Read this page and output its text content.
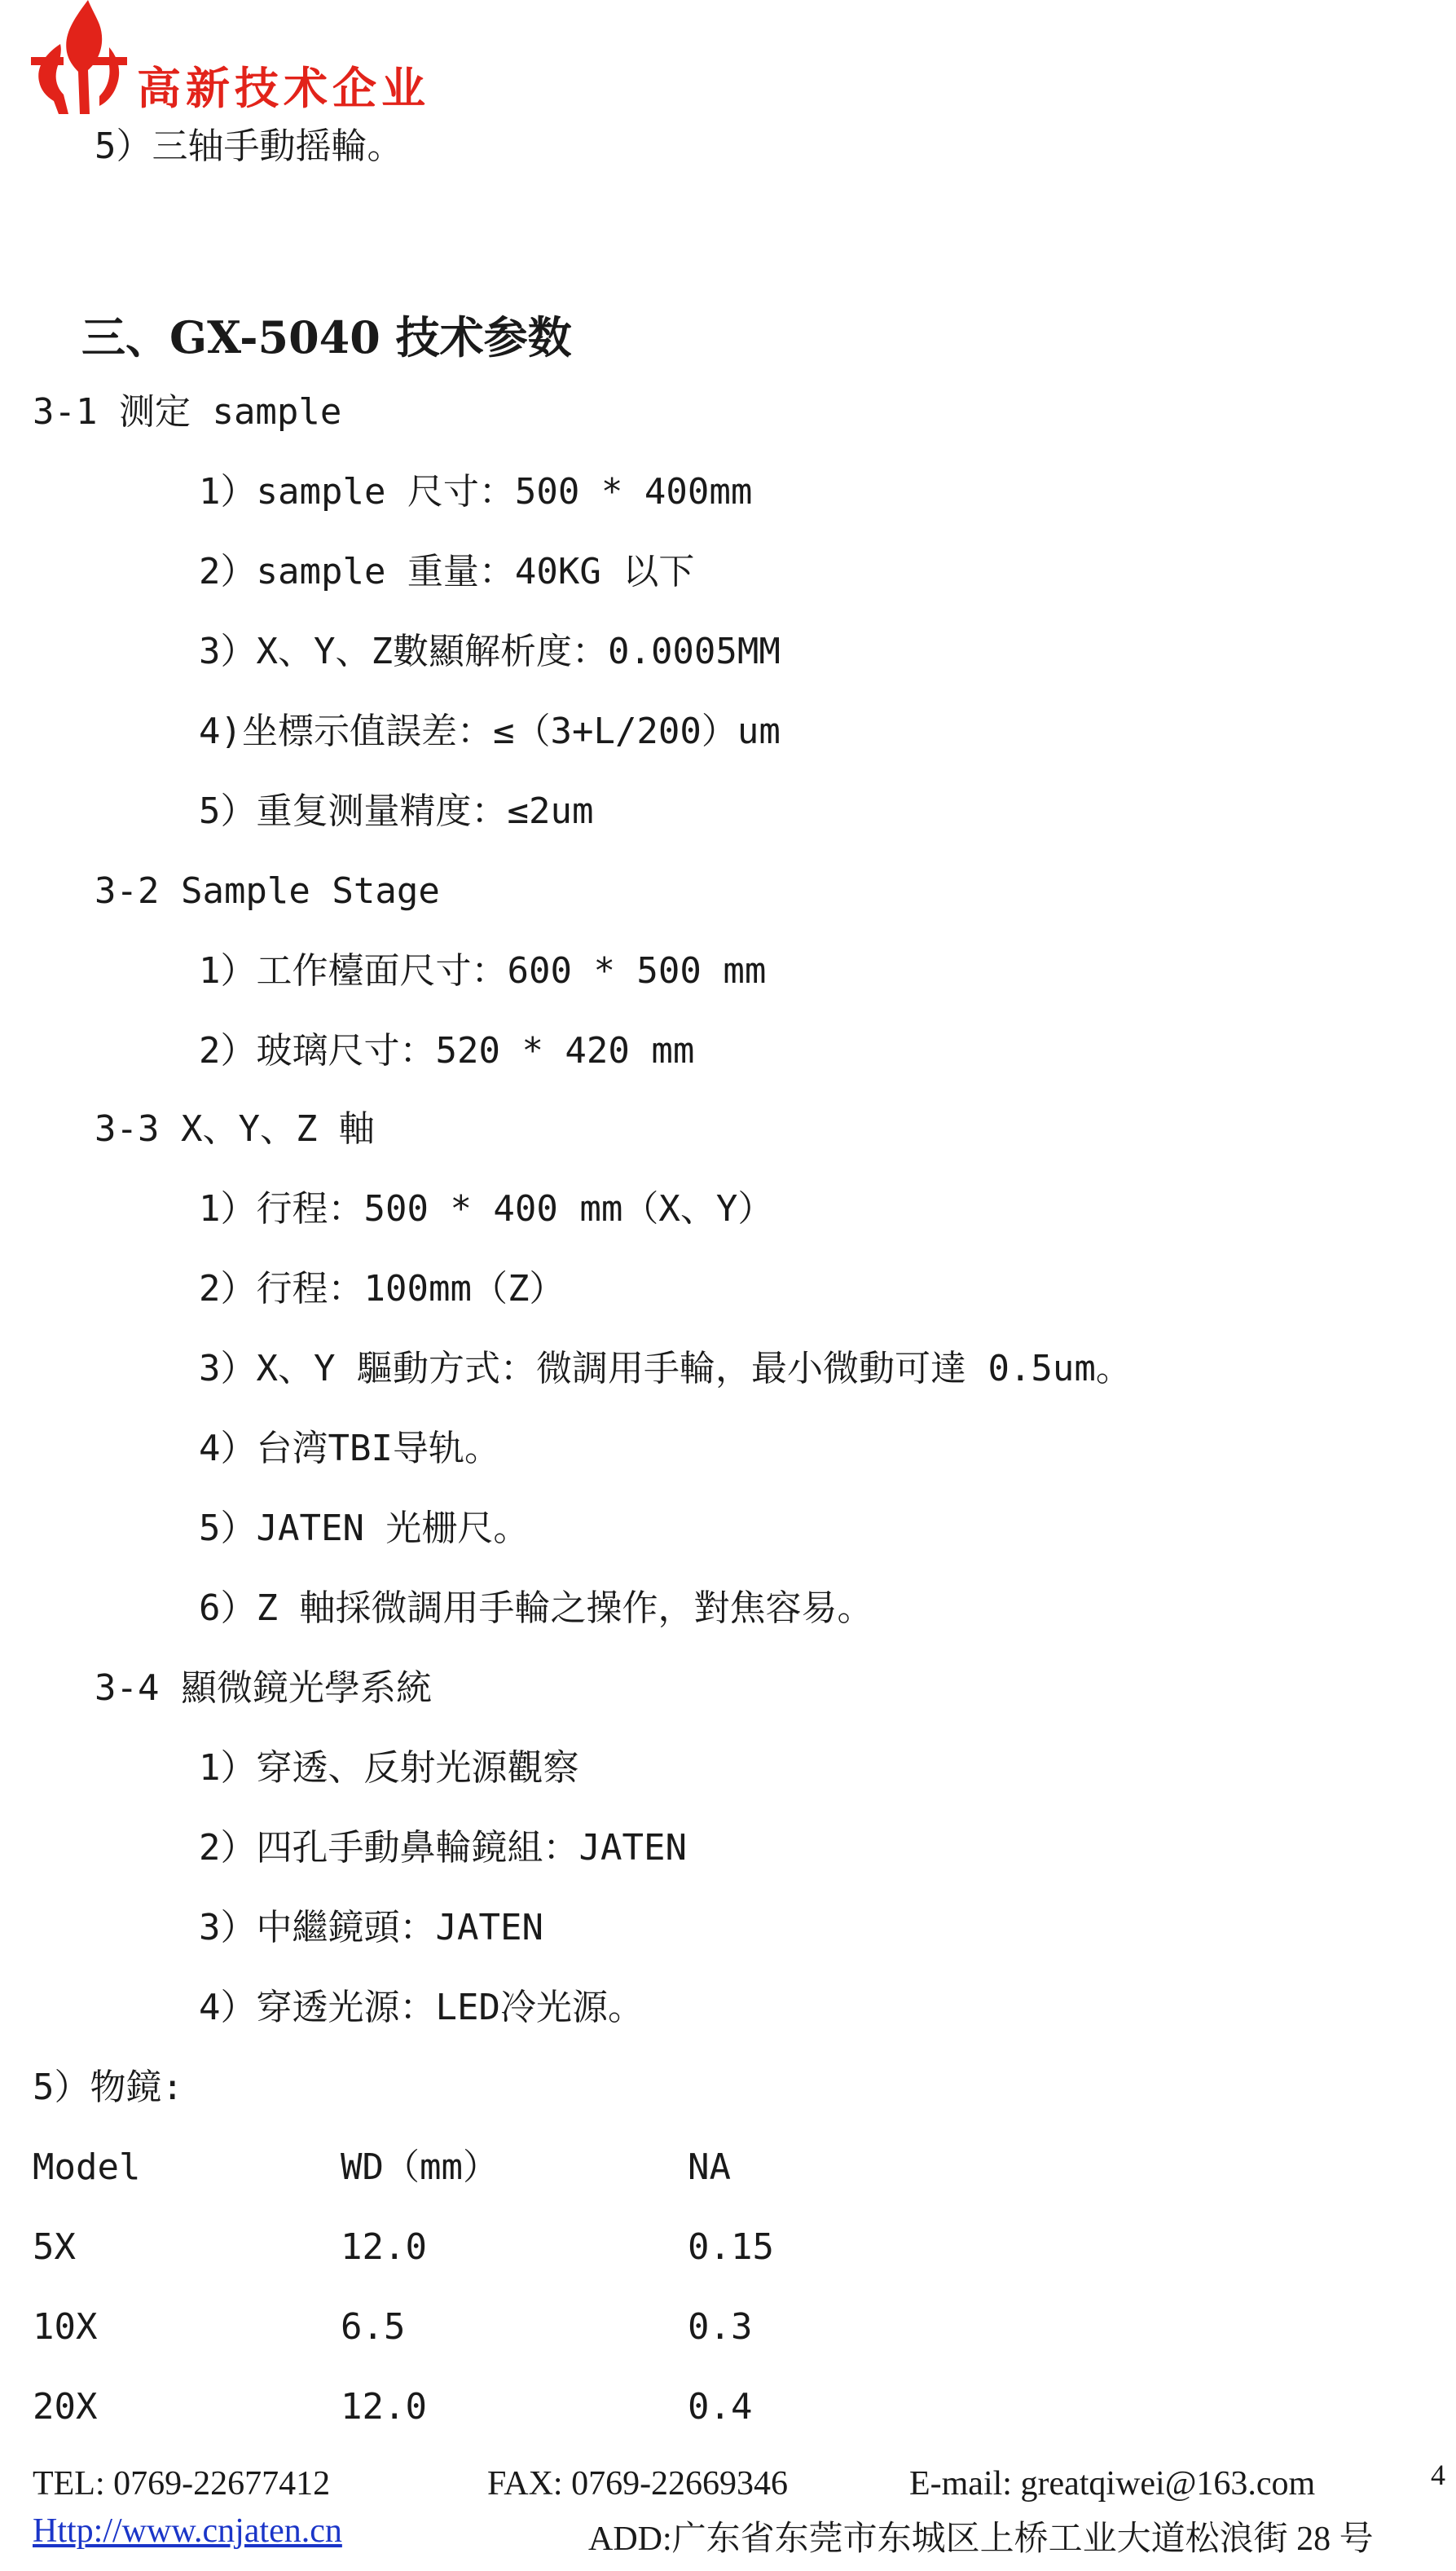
高新技术企业
5）三轴手動摇輪。
三、GX-5040 技术参数
3-1 测定 sample
1）sample 尺寸：500 * 400mm
2）sample 重量：40KG 以下
3）X、Y、Z數顯解析度：0.0005MM
4)坐標示值誤差：≤（3+L/200）um
5）重复测量精度：≤2um
3-2 Sample Stage
1）工作檯面尺寸：600 * 500 mm
2）玻璃尺寸：520 * 420 mm
3-3 X、Y、Z 軸
1）行程：500 * 400 mm（X、Y）
2）行程：100mm（Z）
3）X、Y 驅動方式：微調用手輪，最小微動可達 0.5um。
4）台湾TBI导轨。
5）JATEN 光栅尺。
6）Z 軸採微調用手輪之操作，對焦容易。
3-4 顯微鏡光學系統
1）穿透、反射光源觀察
2）四孔手動鼻輪鏡組：JATEN
3）中繼鏡頭：JATEN
4）穿透光源：LED冷光源。
5）物鏡:
Model	WD（mm）	NA
5X	12.0	0.15
10X	6.5	0.3
20X	12.0	0.4
TEL: 0769-22677412	FAX: 0769-22669346	E-mail: greatqiwei@163.com	4
Http://www.cnjaten.cn	ADD:广东省东莞市东城区上桥工业大道松浪街 28 号
